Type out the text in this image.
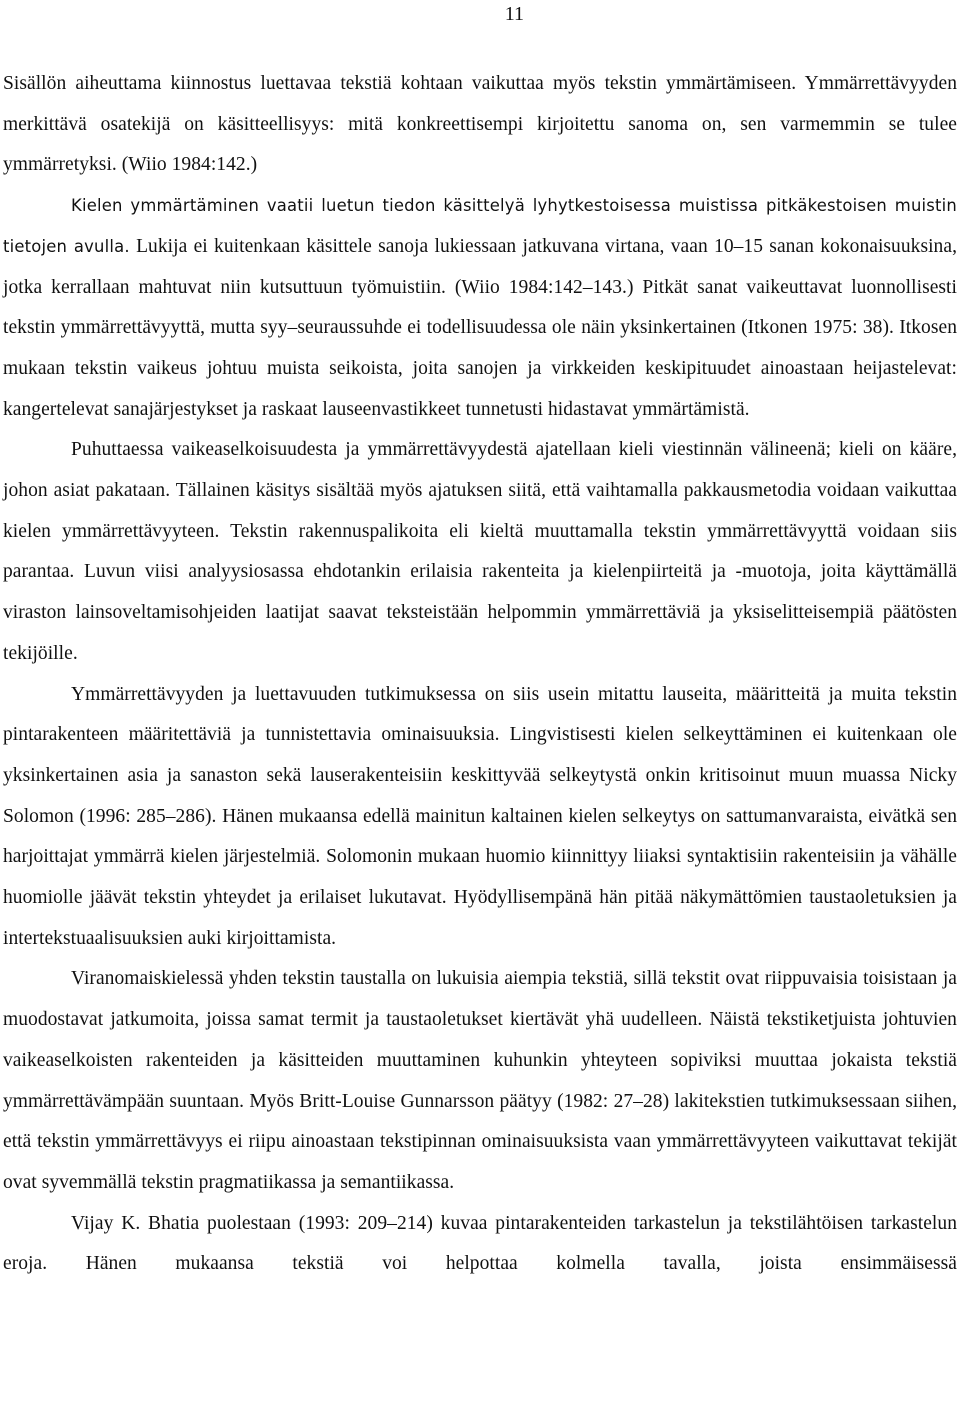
11

Sisällön aiheuttama kiinnostus luettavaa tekstiä kohtaan vaikuttaa myös tekstin ymmärtämiseen. Ymmärrettävyyden merkittävä osatekijä on käsitteellisyys: mitä konkreettisempi kirjoitettu sanoma on, sen varmemmin se tulee ymmärretyksi. (Wiio 1984:142.)

Kielen ymmärtäminen vaatii luetun tiedon käsittelyä lyhytkestoisessa muistissa pitkäkestoisen muistin tietojen avulla. Lukija ei kuitenkaan käsittele sanoja lukiessaan jatkuvana virtana, vaan 10–15 sanan kokonaisuuksina, jotka kerrallaan mahtuvat niin kutsuttuun työmuistiin. (Wiio 1984:142–143.) Pitkät sanat vaikeuttavat luonnollisesti tekstin ymmärrettävyyttä, mutta syy–seuraussuhde ei todellisuudessa ole näin yksinkertainen (Itkonen 1975: 38). Itkosen mukaan tekstin vaikeus johtuu muista seikoista, joita sanojen ja virkkeiden keskipituudet ainoastaan heijastelevat: kangertelevat sanajärjestykset ja raskaat lauseenvastikkeet tunnetusti hidastavat ymmärtämistä.

Puhuttaessa vaikeaselkoisuudesta ja ymmärrettävyydestä ajatellaan kieli viestinnän välineenä; kieli on kääre, johon asiat pakataan. Tällainen käsitys sisältää myös ajatuksen siitä, että vaihtamalla pakkausmetodia voidaan vaikuttaa kielen ymmärrettävyyteen. Tekstin rakennuspalikoita eli kieltä muuttamalla tekstin ymmärrettävyyttä voidaan siis parantaa. Luvun viisi analyysiosassa ehdotankin erilaisia rakenteita ja kielenpiirteitä ja -muotoja, joita käyttämällä viraston lainsoveltamisohjeiden laatijat saavat teksteistään helpommin ymmärrettäviä ja yksiselitteisempiä päätösten tekijöille.

Ymmärrettävyyden ja luettavuuden tutkimuksessa on siis usein mitattu lauseita, määritteitä ja muita tekstin pintarakenteen määritettäviä ja tunnistettavia ominaisuuksia. Lingvistisesti kielen selkeyttäminen ei kuitenkaan ole yksinkertainen asia ja sanaston sekä lauserakenteisiin keskittyvää selkeytystä onkin kritisoinut muun muassa Nicky Solomon (1996: 285–286). Hänen mukaansa edellä mainitun kaltainen kielen selkeytys on sattumanvaraista, eivätkä sen harjoittajat ymmärrä kielen järjestelmiä. Solomonin mukaan huomio kiinnittyy liiaksi syntaktisiin rakenteisiin ja vähälle huomiolle jäävät tekstin yhteydet ja erilaiset lukutavat. Hyödyllisempänä hän pitää näkymättömien taustaoletuksien ja intertekstuaalisuuksien auki kirjoittamista.

Viranomaiskielessä yhden tekstin taustalla on lukuisia aiempia tekstiä, sillä tekstit ovat riippuvaisia toisistaan ja muodostavat jatkumoita, joissa samat termit ja taustaoletukset kiertävät yhä uudelleen. Näistä tekstiketjuista johtuvien vaikeaselkoisten rakenteiden ja käsitteiden muuttaminen kuhunkin yhteyteen sopiviksi muuttaa jokaista tekstiä ymmärrettävämpään suuntaan. Myös Britt-Louise Gunnarsson päätyy (1982: 27–28) lakitekstien tutkimuksessaan siihen, että tekstin ymmärrettävyys ei riipu ainoastaan tekstipinnan ominaisuuksista vaan ymmärrettävyyteen vaikuttavat tekijät ovat syvemmällä tekstin pragmatiikassa ja semantiikassa.

Vijay K. Bhatia puolestaan (1993: 209–214) kuvaa pintarakenteiden tarkastelun ja tekstilähtöisen tarkastelun eroja. Hänen mukaansa tekstiä voi helpottaa kolmella tavalla, joista ensimmäisessä
